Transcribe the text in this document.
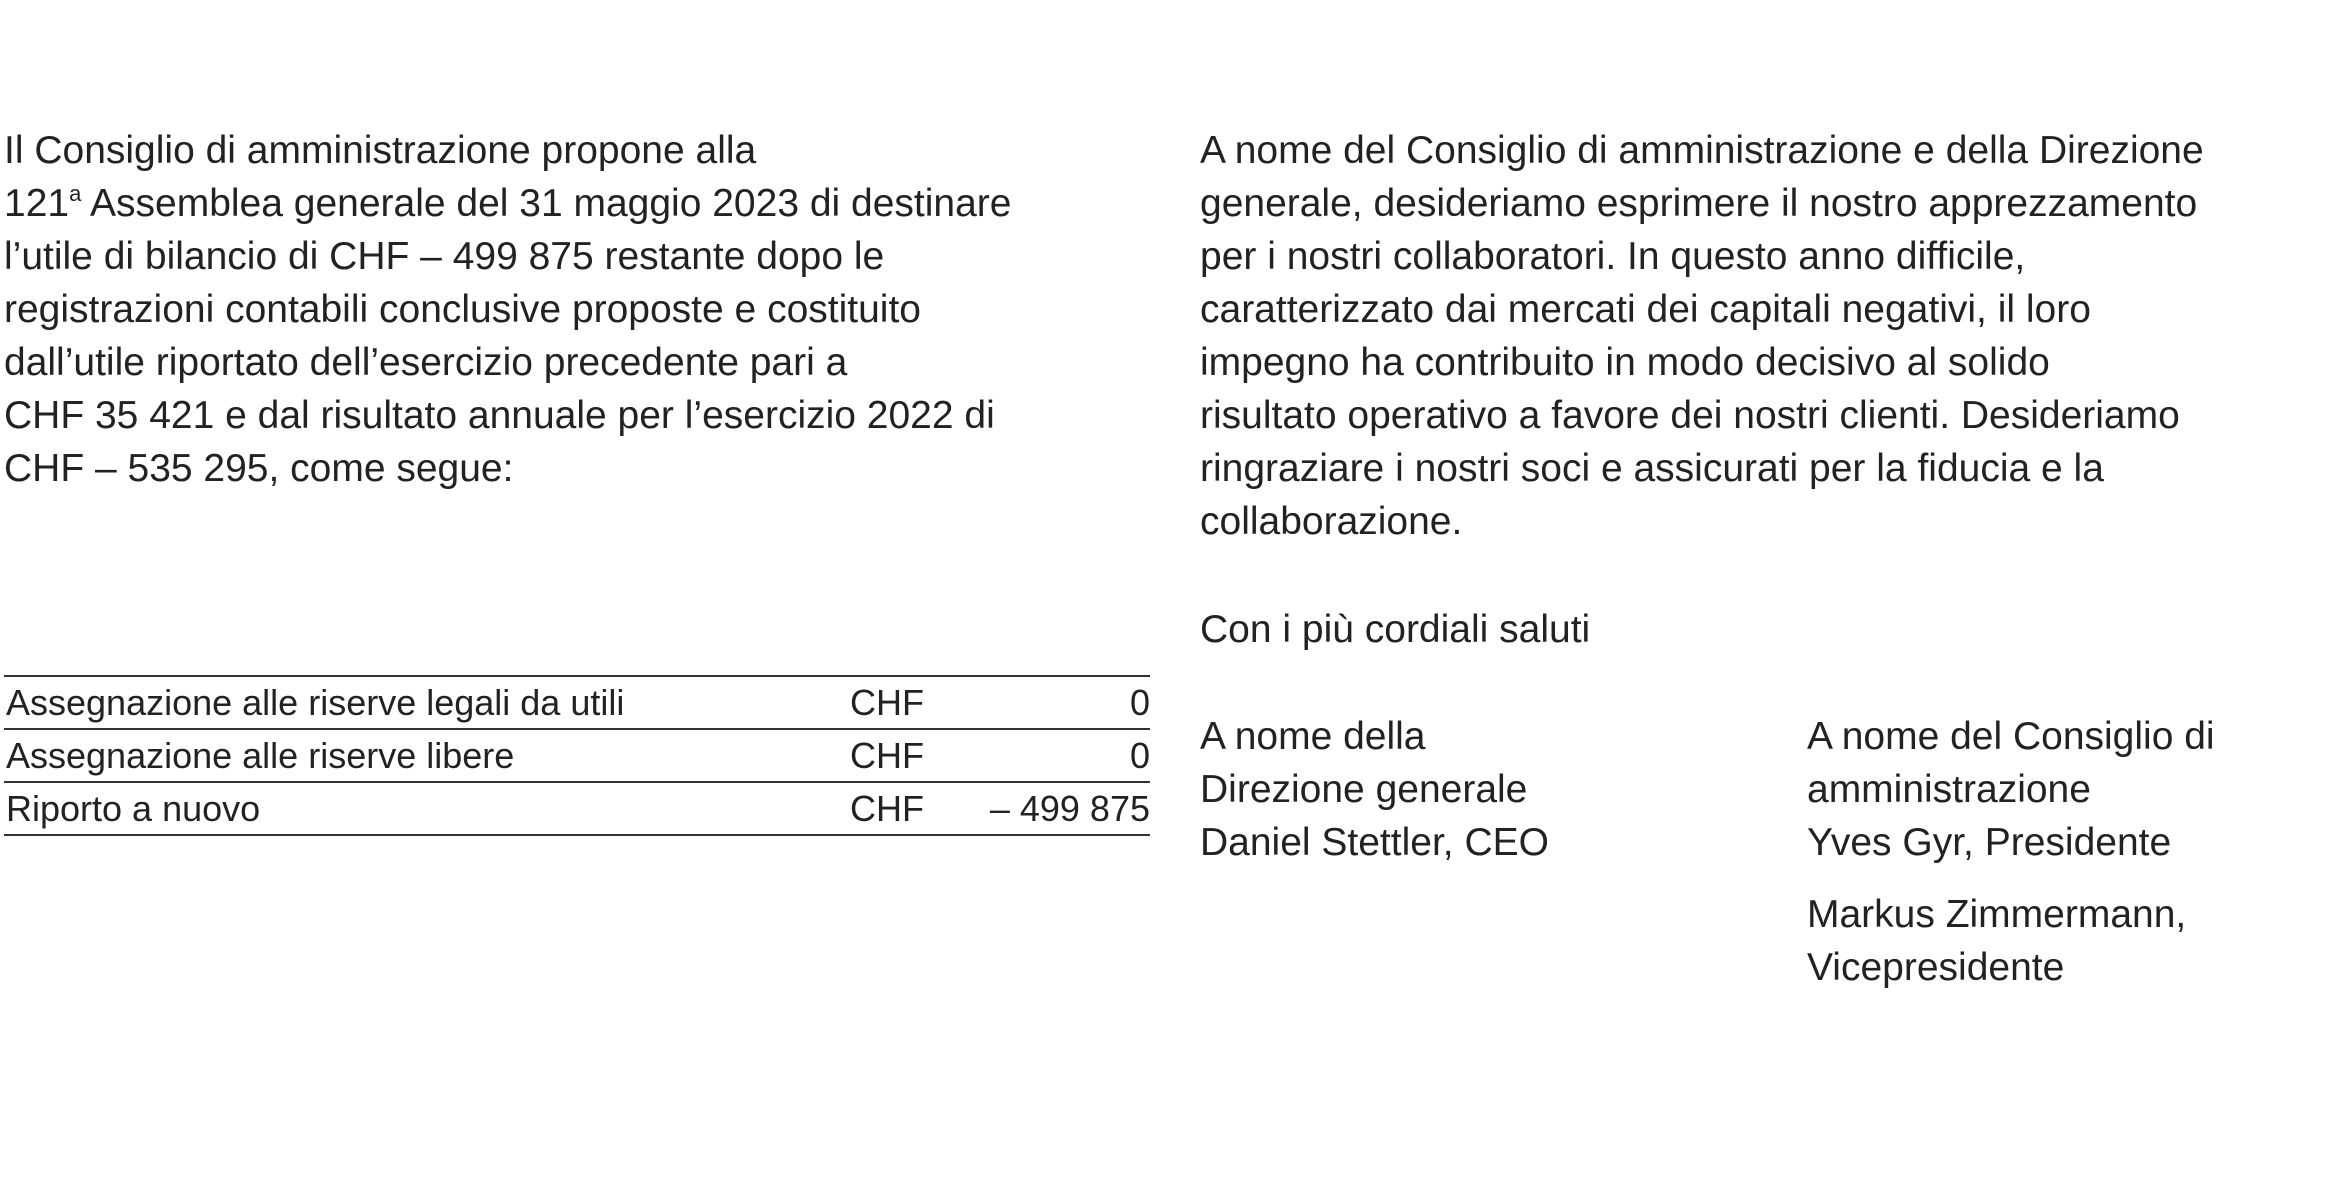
Il Consiglio di amministrazione propone alla
121$^a$ Assemblea generale del 31 maggio 2023 di destinare
l’utile di bilancio di CHF – 499 875 restante dopo le
registrazioni contabili conclusive proposte e costituito
dall’utile riportato dell’esercizio precedente pari a
CHF 35 421 e dal risultato annuale per l’esercizio 2022 di
CHF – 535 295, come segue:

Assegnazione alle riserve legali da utili	CHF	0
Assegnazione alle riserve libere	CHF	0
Riporto a nuovo	CHF	– 499 875

A nome del Consiglio di amministrazione e della Direzione
generale, desideriamo esprimere il nostro apprezzamento
per i nostri collaboratori. In questo anno difficile,
caratterizzato dai mercati dei capitali negativi, il loro
impegno ha contribuito in modo decisivo al solido
risultato operativo a favore dei nostri clienti. Desideriamo
ringraziare i nostri soci e assicurati per la fiducia e la
collaborazione.

Con i più cordiali saluti

A nome della
Direzione generale
Daniel Stettler, CEO
A nome del Consiglio di
amministrazione
Yves Gyr, Presidente
Markus Zimmermann,
Vicepresidente
